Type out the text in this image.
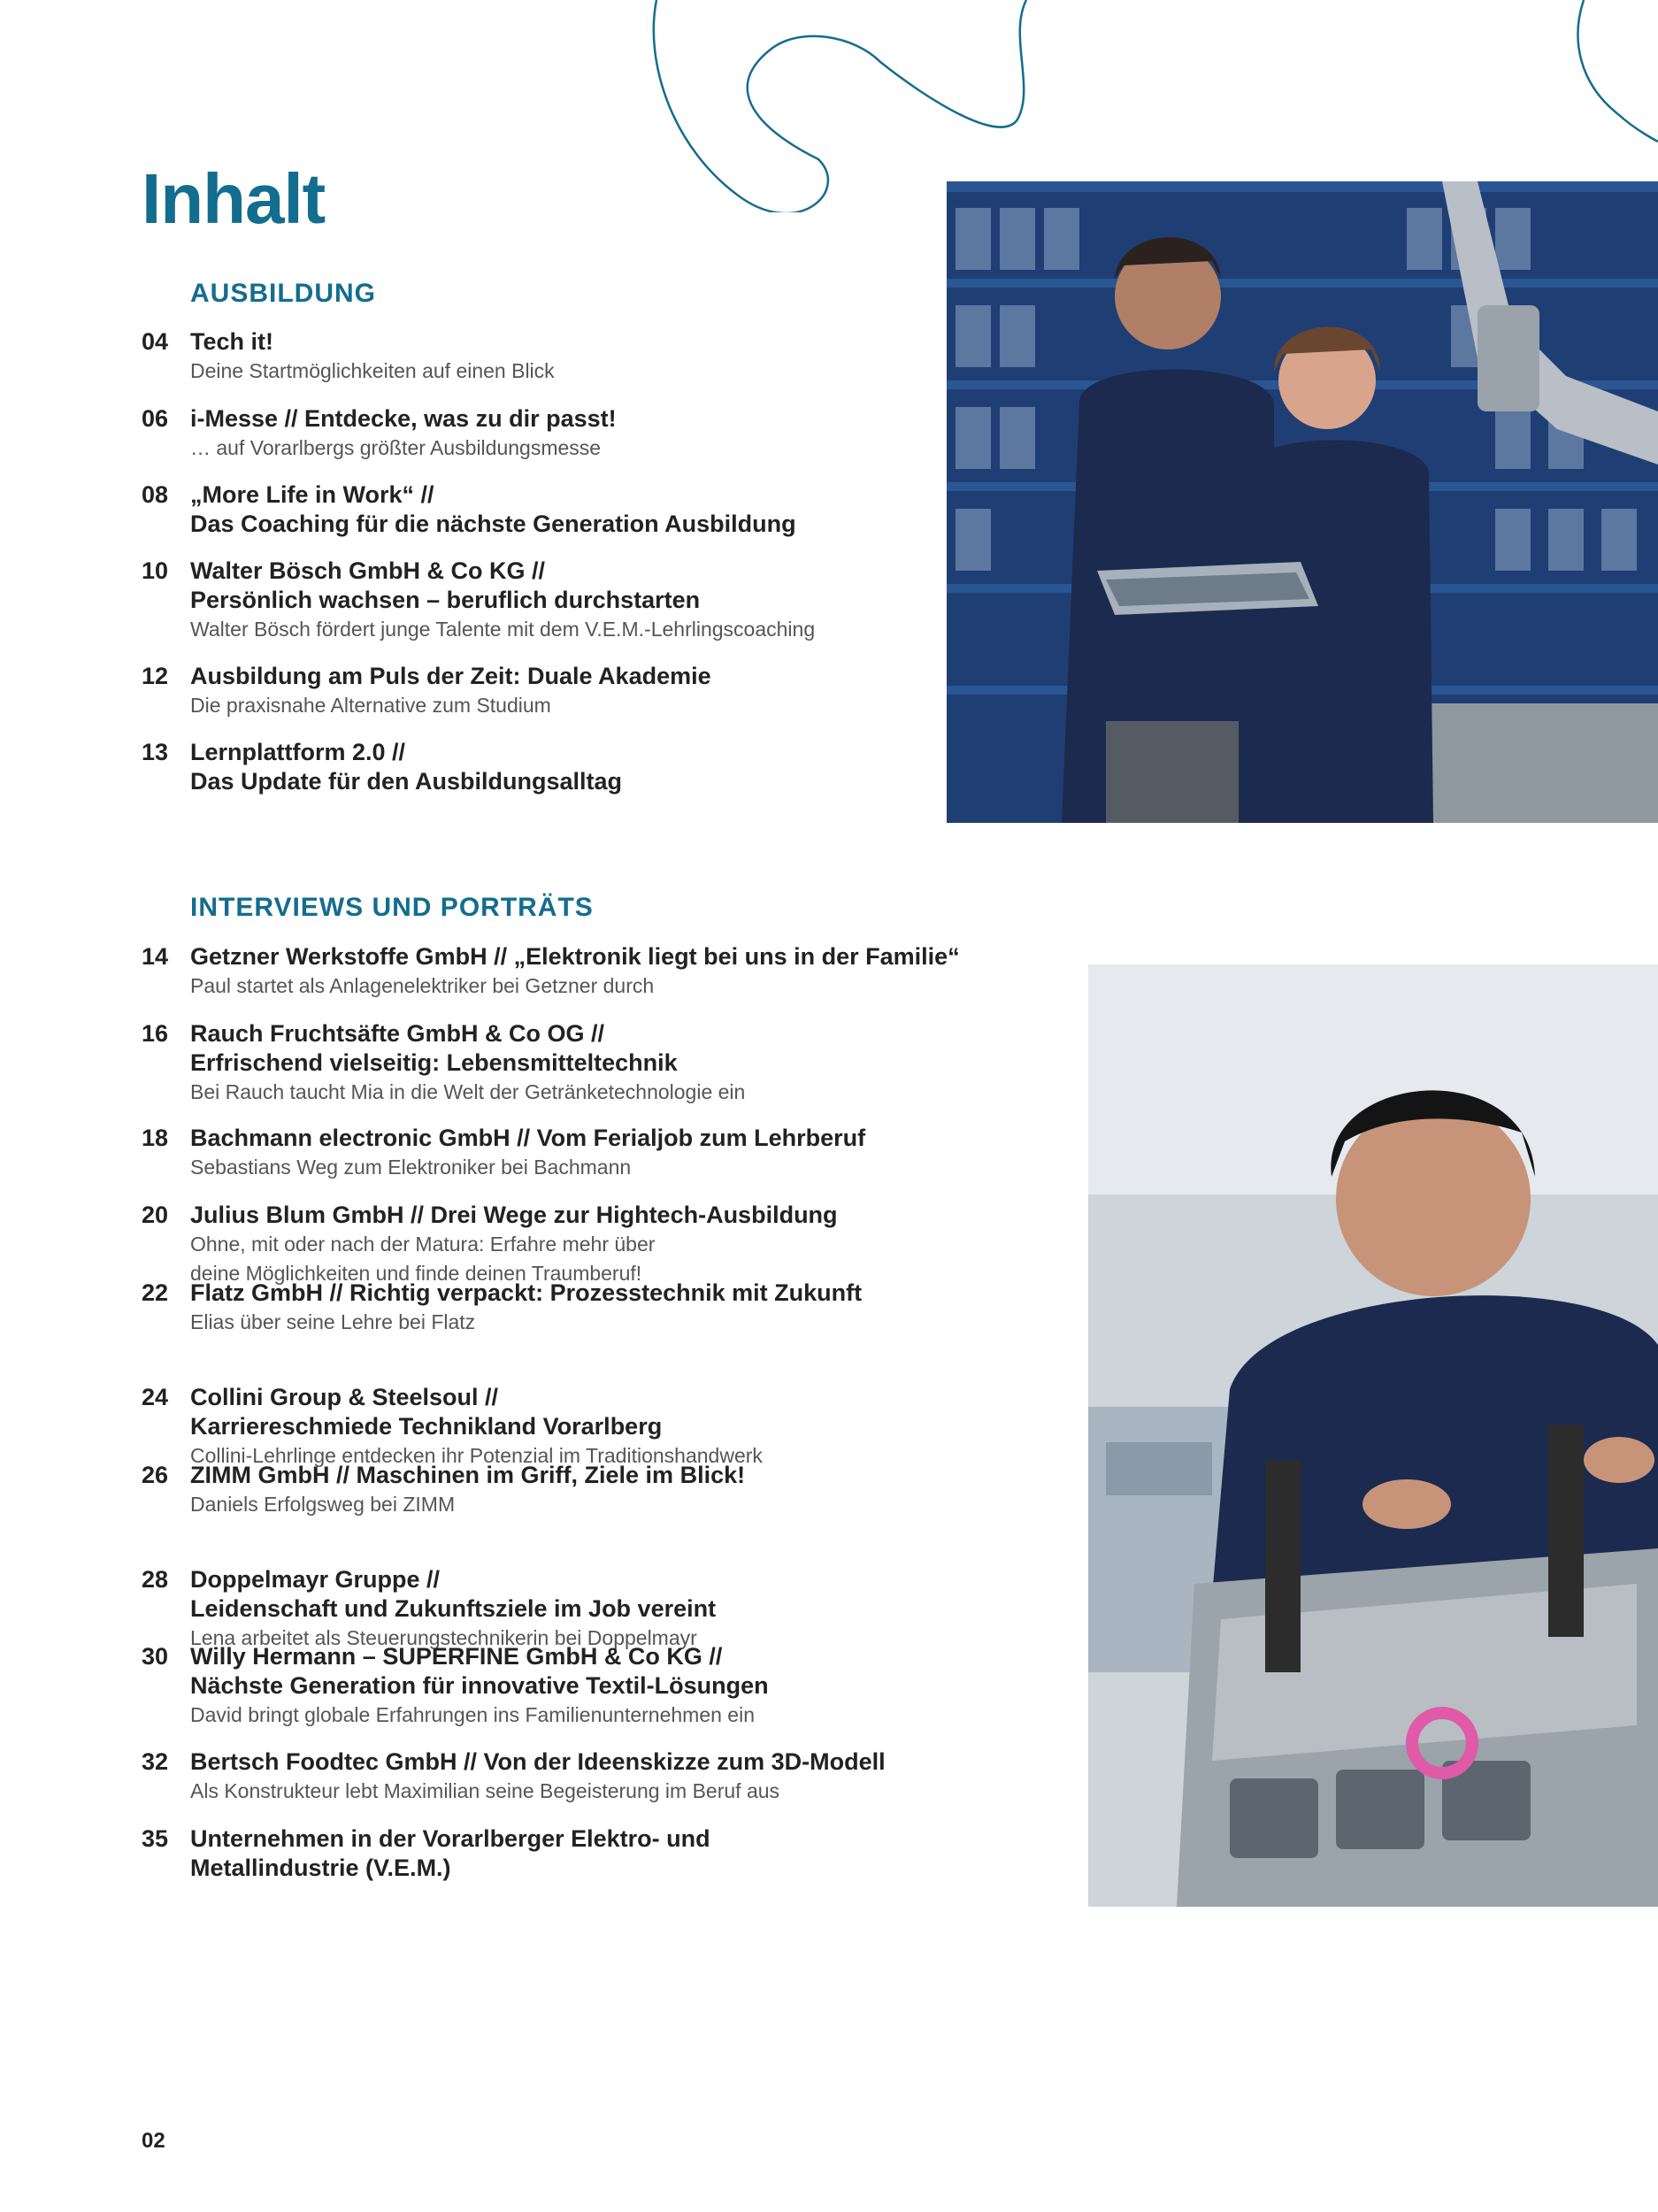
Inhalt
AUSBILDUNG
04 Tech it!
Deine Startmöglichkeiten auf einen Blick
06 i-Messe // Entdecke, was zu dir passt!
… auf Vorarlbergs größter Ausbildungsmesse
08 „More Life in Work“ //
Das Coaching für die nächste Generation Ausbildung
10 Walter Bösch GmbH & Co KG //
Persönlich wachsen – beruflich durchstarten
Walter Bösch fördert junge Talente mit dem V.E.M.-Lehrlingscoaching
12 Ausbildung am Puls der Zeit: Duale Akademie
Die praxisnahe Alternative zum Studium
13 Lernplattform 2.0 //
Das Update für den Ausbildungsalltag
INTERVIEWS UND PORTRÄTS
14 Getzner Werkstoffe GmbH // „Elektronik liegt bei uns in der Familie“
Paul startet als Anlagenelektriker bei Getzner durch
16 Rauch Fruchtsäfte GmbH & Co OG //
Erfrischend vielseitig: Lebensmitteltechnik
Bei Rauch taucht Mia in die Welt der Getränketechnologie ein
18 Bachmann electronic GmbH // Vom Ferialjob zum Lehrberuf
Sebastians Weg zum Elektroniker bei Bachmann
20 Julius Blum GmbH // Drei Wege zur Hightech-Ausbildung
Ohne, mit oder nach der Matura: Erfahre mehr über
deine Möglichkeiten und finde deinen Traumberuf!
22 Flatz GmbH // Richtig verpackt: Prozesstechnik mit Zukunft
Elias über seine Lehre bei Flatz
24 Collini Group & Steelsoul //
Karriereschmiede Technikland Vorarlberg
Collini-Lehrlinge entdecken ihr Potenzial im Traditionshandwerk
26 ZIMM GmbH // Maschinen im Griff, Ziele im Blick!
Daniels Erfolgsweg bei ZIMM
28 Doppelmayr Gruppe //
Leidenschaft und Zukunftsziele im Job vereint
Lena arbeitet als Steuerungstechnikerin bei Doppelmayr
30 Willy Hermann – SUPERFINE GmbH & Co KG //
Nächste Generation für innovative Textil-Lösungen
David bringt globale Erfahrungen ins Familienunternehmen ein
32 Bertsch Foodtec GmbH // Von der Ideenskizze zum 3D-Modell
Als Konstrukteur lebt Maximilian seine Begeisterung im Beruf aus
35 Unternehmen in der Vorarlberger Elektro- und
Metallindustrie (V.E.M.)
02
